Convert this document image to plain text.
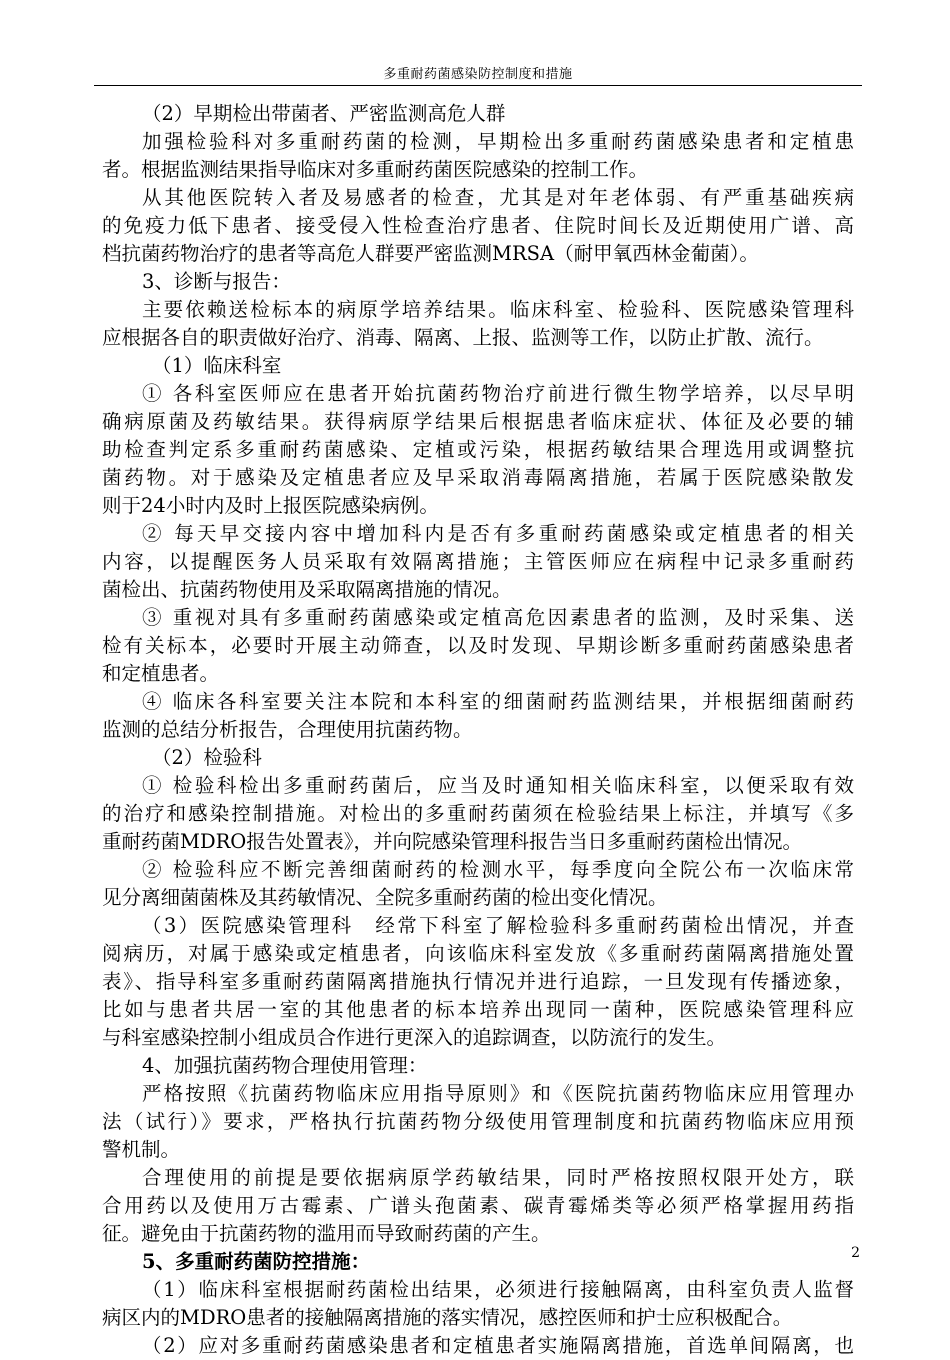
多重耐药菌感染防控制度和措施
（2）早期检出带菌者、严密监测高危人群
加强检验科对多重耐药菌的检测，早期检出多重耐药菌感染患者和定植患
者。根据监测结果指导临床对多重耐药菌医院感染的控制工作。
从其他医院转入者及易感者的检查，尤其是对年老体弱、有严重基础疾病
的免疫力低下患者、接受侵入性检查治疗患者、住院时间长及近期使用广谱、高
档抗菌药物治疗的患者等高危人群要严密监测MRSA（耐甲氧西林金葡菌）。
3、诊断与报告：
主要依赖送检标本的病原学培养结果。临床科室、检验科、医院感染管理科
应根据各自的职责做好治疗、消毒、隔离、上报、监测等工作，以防止扩散、流行。
（1）临床科室
① 各科室医师应在患者开始抗菌药物治疗前进行微生物学培养，以尽早明
确病原菌及药敏结果。获得病原学结果后根据患者临床症状、体征及必要的辅
助检查判定系多重耐药菌感染、定植或污染，根据药敏结果合理选用或调整抗
菌药物。对于感染及定植患者应及早采取消毒隔离措施，若属于医院感染散发
则于24小时内及时上报医院感染病例。
② 每天早交接内容中增加科内是否有多重耐药菌感染或定植患者的相关
内容，以提醒医务人员采取有效隔离措施；主管医师应在病程中记录多重耐药
菌检出、抗菌药物使用及采取隔离措施的情况。
③ 重视对具有多重耐药菌感染或定植高危因素患者的监测，及时采集、送
检有关标本，必要时开展主动筛查，以及时发现、早期诊断多重耐药菌感染患者
和定植患者。
④ 临床各科室要关注本院和本科室的细菌耐药监测结果，并根据细菌耐药
监测的总结分析报告，合理使用抗菌药物。
（2）检验科
① 检验科检出多重耐药菌后，应当及时通知相关临床科室，以便采取有效
的治疗和感染控制措施。对检出的多重耐药菌须在检验结果上标注，并填写《多
重耐药菌MDRO报告处置表》，并向院感染管理科报告当日多重耐药菌检出情况。
② 检验科应不断完善细菌耐药的检测水平，每季度向全院公布一次临床常
见分离细菌菌株及其药敏情况、全院多重耐药菌的检出变化情况。
（3）医院感染管理科　经常下科室了解检验科多重耐药菌检出情况，并查
阅病历，对属于感染或定植患者，向该临床科室发放《多重耐药菌隔离措施处置
表》、指导科室多重耐药菌隔离措施执行情况并进行追踪，一旦发现有传播迹象，
比如与患者共居一室的其他患者的标本培养出现同一菌种，医院感染管理科应
与科室感染控制小组成员合作进行更深入的追踪调查，以防流行的发生。
4、加强抗菌药物合理使用管理：
严格按照《抗菌药物临床应用指导原则》和《医院抗菌药物临床应用管理办
法（试行）》要求，严格执行抗菌药物分级使用管理制度和抗菌药物临床应用预
警机制。
合理使用的前提是要依据病原学药敏结果，同时严格按照权限开处方，联
合用药以及使用万古霉素、广谱头孢菌素、碳青霉烯类等必须严格掌握用药指
征。避免由于抗菌药物的滥用而导致耐药菌的产生。
5、多重耐药菌防控措施：
（1）临床科室根据耐药菌检出结果，必须进行接触隔离，由科室负责人监督
病区内的MDRO患者的接触隔离措施的落实情况，感控医师和护士应积极配合。
（2）应对多重耐药菌感染患者和定植患者实施隔离措施，首选单间隔离，也
2
